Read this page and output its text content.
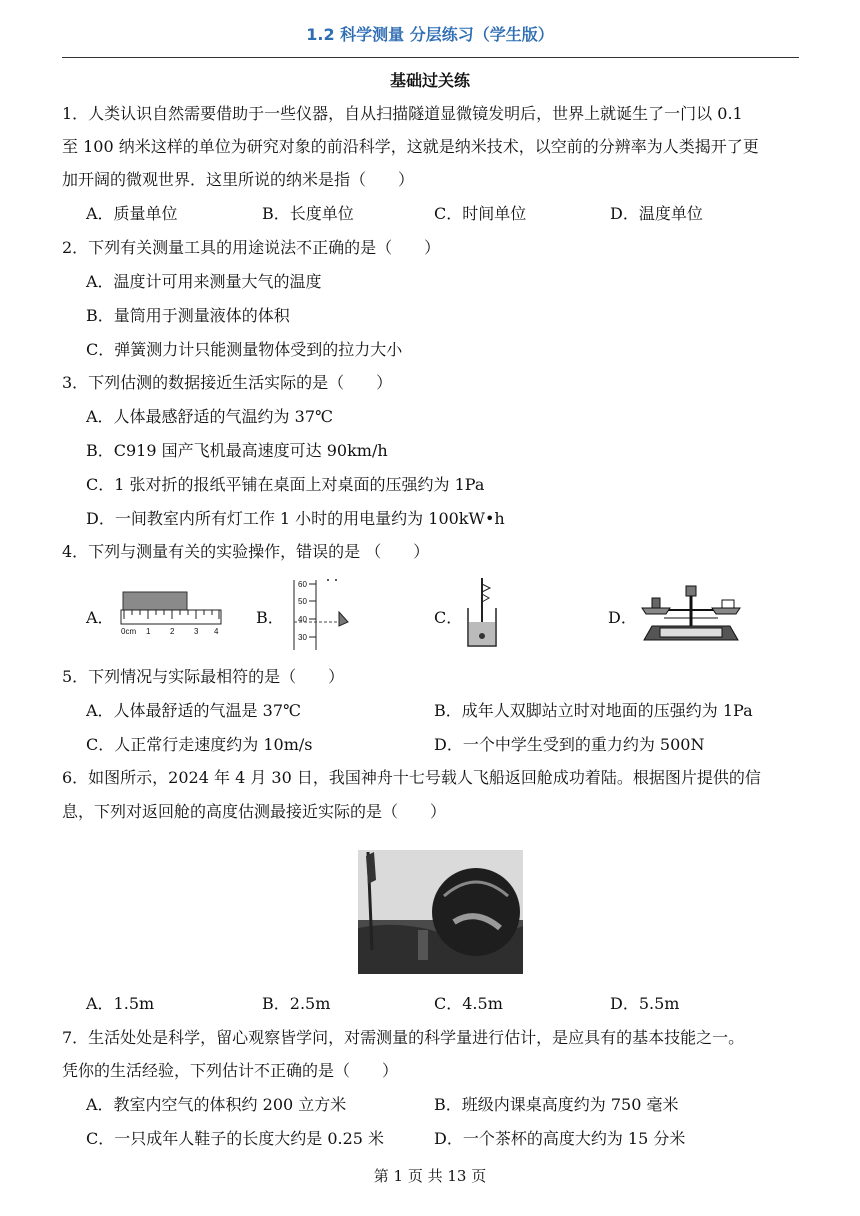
1.2 科学测量 分层练习（学生版）
基础过关练
1．人类认识自然需要借助于一些仪器，自从扫描隧道显微镜发明后，世界上就诞生了一门以 0.1
至 100 纳米这样的单位为研究对象的前沿科学，这就是纳米技术，以空前的分辨率为人类揭开了更
加开阔的微观世界．这里所说的纳米是指（　　）
A．质量单位	B．长度单位	C．时间单位	D．温度单位
2．下列有关测量工具的用途说法不正确的是（　　）
A．温度计可用来测量大气的温度
B．量筒用于测量液体的体积
C．弹簧测力计只能测量物体受到的拉力大小
3．下列估测的数据接近生活实际的是（　　）
A．人体最感舒适的气温约为 37℃
B．C919 国产飞机最高速度可达 90km/h
C．1 张对折的报纸平铺在桌面上对桌面的压强约为 1Pa
D．一间教室内所有灯工作 1 小时的用电量约为 100kW•h
4．下列与测量有关的实验操作，错误的是 （　　）
A．
0cm 1 2 3 4
B．
60
50
40
30
C．	D．
5．下列情况与实际最相符的是（　　）
A．人体最舒适的气温是 37℃	B．成年人双脚站立时对地面的压强约为 1Pa
C．人正常行走速度约为 10m/s	D．一个中学生受到的重力约为 500N
6．如图所示，2024 年 4 月 30 日，我国神舟十七号载人飞船返回舱成功着陆。根据图片提供的信
息，下列对返回舱的高度估测最接近实际的是（　　）
A．1.5m	B．2.5m	C．4.5m	D．5.5m
7．生活处处是科学，留心观察皆学问，对需测量的科学量进行估计，是应具有的基本技能之一。
凭你的生活经验，下列估计不正确的是（　　）
A．教室内空气的体积约 200 立方米	B．班级内课桌高度约为 750 毫米
C．一只成年人鞋子的长度大约是 0.25 米	D．一个茶杯的高度大约为 15 分米
第 1 页 共 13 页
